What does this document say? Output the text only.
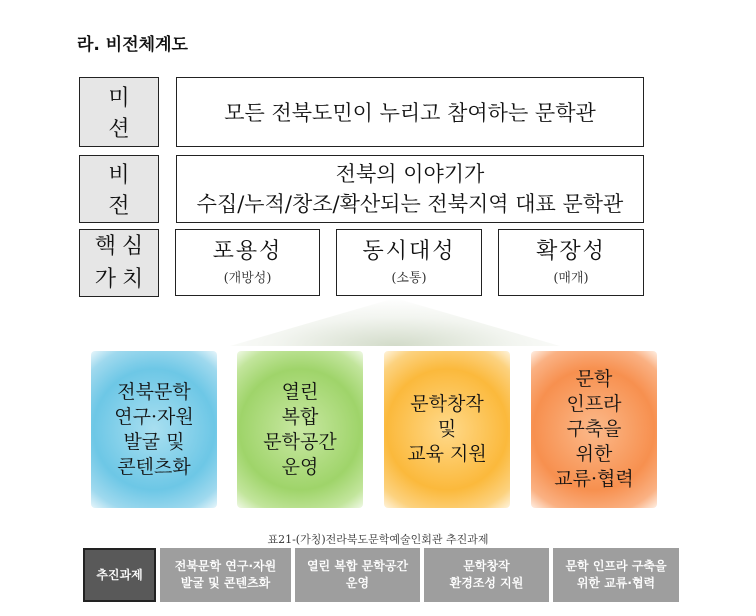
라. 비전체계도
미 션
모든 전북도민이 누리고 참여하는 문학관
비 전
전북의 이야기가
수집/누적/창조/확산되는 전북지역 대표 문학관
핵심
가치
포용성
(개방성)
동시대성
(소통)
확장성
(매개)
전북문학
연구·자원
발굴 및
콘텐츠화
열린
복합
문학공간
운영
문학창작
및
교육 지원
문학
인프라
구축을
위한
교류·협력
표21-(가칭)전라북도문학예술인회관 추진과제
추진과제
전북문학 연구·자원
발굴 및 콘텐츠화
열린 복합 문학공간
운영
문학창작
환경조성 지원
문학 인프라 구축을
위한 교류·협력
